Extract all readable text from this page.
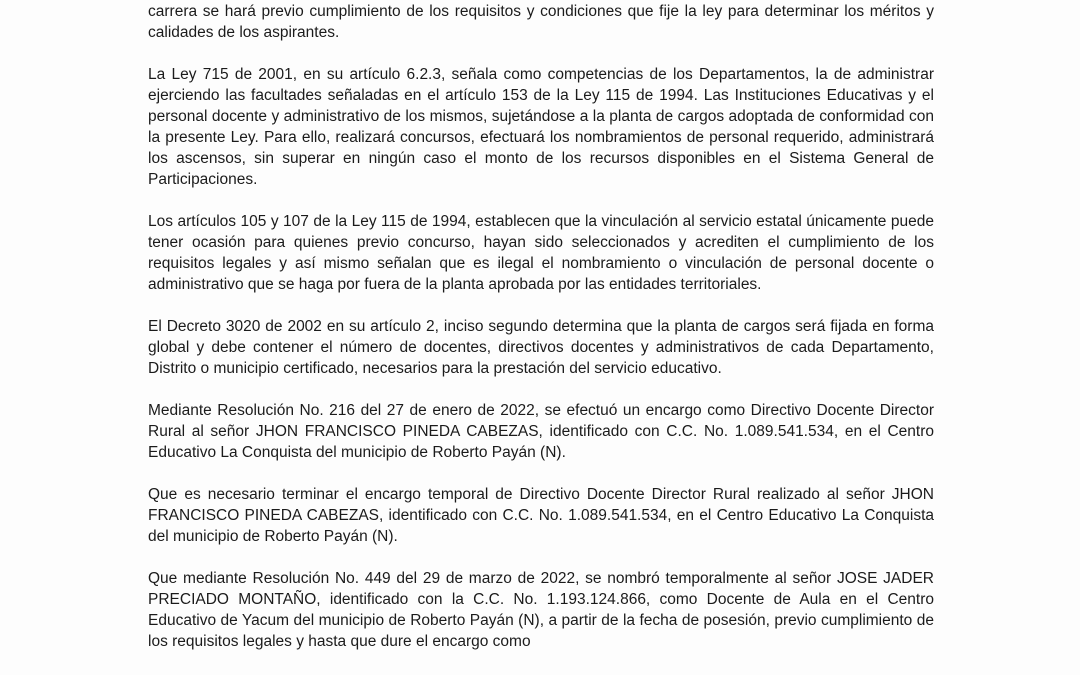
carrera se hará previo cumplimiento de los requisitos y condiciones que fije la ley para determinar los méritos y calidades de los aspirantes.

La Ley 715 de 2001, en su artículo 6.2.3, señala como competencias de los Departamentos, la de administrar ejerciendo las facultades señaladas en el artículo 153 de la Ley 115 de 1994. Las Instituciones Educativas y el personal docente y administrativo de los mismos, sujetándose a la planta de cargos adoptada de conformidad con la presente Ley. Para ello, realizará concursos, efectuará los nombramientos de personal requerido, administrará los ascensos, sin superar en ningún caso el monto de los recursos disponibles en el Sistema General de Participaciones.

Los artículos 105 y 107 de la Ley 115 de 1994, establecen que la vinculación al servicio estatal únicamente puede tener ocasión para quienes previo concurso, hayan sido seleccionados y acrediten el cumplimiento de los requisitos legales y así mismo señalan que es ilegal el nombramiento o vinculación de personal docente o administrativo que se haga por fuera de la planta aprobada por las entidades territoriales.

El Decreto 3020 de 2002 en su artículo 2, inciso segundo determina que la planta de cargos será fijada en forma global y debe contener el número de docentes, directivos docentes y administrativos de cada Departamento, Distrito o municipio certificado, necesarios para la prestación del servicio educativo.

Mediante Resolución No. 216 del 27 de enero de 2022, se efectuó un encargo como Directivo Docente Director Rural al señor JHON FRANCISCO PINEDA CABEZAS, identificado con C.C. No. 1.089.541.534, en el Centro Educativo La Conquista del municipio de Roberto Payán (N).

Que es necesario terminar el encargo temporal de Directivo Docente Director Rural realizado al señor JHON FRANCISCO PINEDA CABEZAS, identificado con C.C. No. 1.089.541.534, en el Centro Educativo La Conquista del municipio de Roberto Payán (N).

Que mediante Resolución No. 449 del 29 de marzo de 2022, se nombró temporalmente al señor JOSE JADER PRECIADO MONTAÑO, identificado con la C.C. No. 1.193.124.866, como Docente de Aula en el Centro Educativo de Yacum del municipio de Roberto Payán (N), a partir de la fecha de posesión, previo cumplimiento de los requisitos legales y hasta que dure el encargo como
